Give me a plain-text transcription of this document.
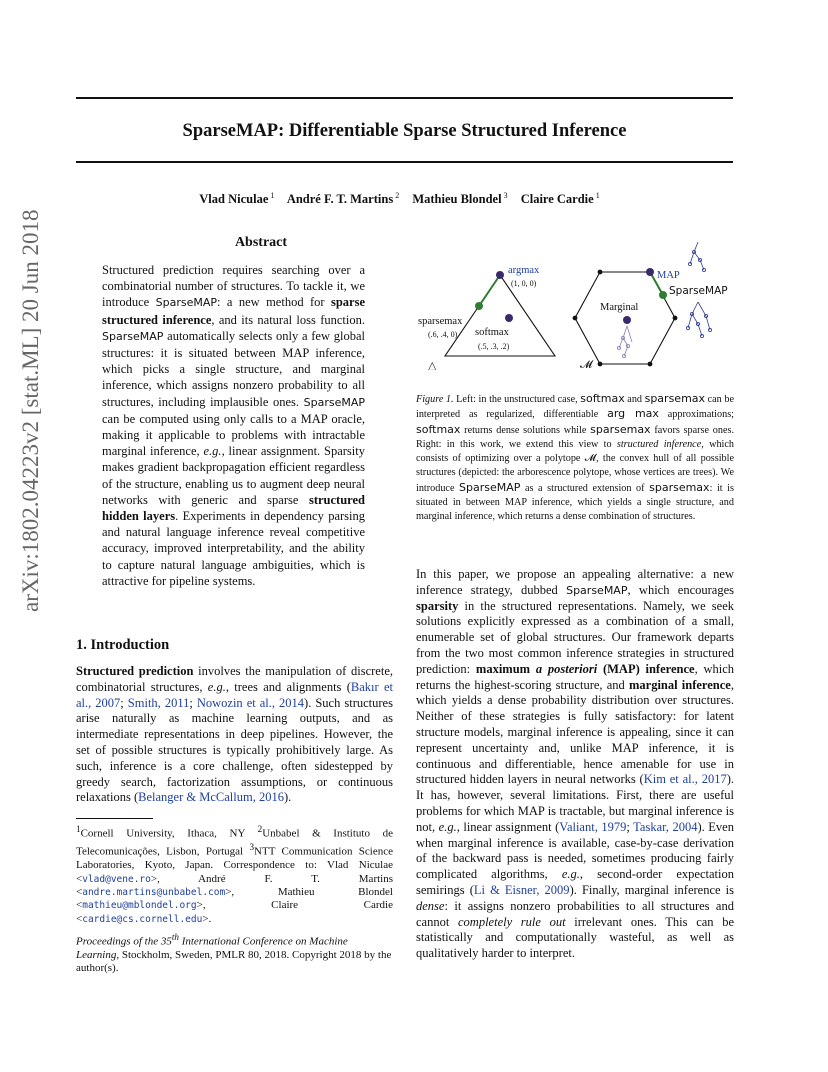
SparseMAP: Differentiable Sparse Structured Inference
Vlad Niculae $^1$ André F. T. Martins $^2$ Mathieu Blondel $^3$ Claire Cardie $^1$
arXiv:1802.04223v2 [stat.ML] 20 Jun 2018	Abstract
Structured prediction requires searching over a combinatorial number of structures. To tackle it, we introduce SparseMAP: a new method for sparse structured inference, and its natural loss function. SparseMAP automatically selects only a few global structures: it is situated between MAP inference, which picks a single structure, and marginal inference, which assigns nonzero probability to all structures, including implausible ones. SparseMAP can be computed using only calls to a MAP oracle, making it applicable to problems with intractable marginal inference, e.g., linear assignment. Sparsity makes gradient backpropagation efficient regardless of the structure, enabling us to augment deep neural networks with generic and sparse structured hidden layers. Experiments in dependency parsing and natural language inference reveal competitive accuracy, improved interpretability, and the ability to capture natural language ambiguities, which is attractive for pipeline systems.
1. Introduction
Structured prediction involves the manipulation of discrete, combinatorial structures, e.g., trees and alignments (Bakır et al., 2007; Smith, 2011; Nowozin et al., 2014). Such structures arise naturally as machine learning outputs, and as intermediate representations in deep pipelines. However, the set of possible structures is typically prohibitively large. As such, inference is a core challenge, often sidestepped by greedy search, factorization assumptions, or continuous relaxations (Belanger & McCallum, 2016).
$^1$Cornell University, Ithaca, NY $^2$Unbabel & Instituto de Telecomunicações, Lisbon, Portugal $^3$NTT Communication Science Laboratories, Kyoto, Japan. Correspondence to: Vlad Niculae <vlad@vene.ro>, André F. T. Martins <andre.martins@unbabel.com>, Mathieu Blondel <mathieu@mblondel.org>, Claire Cardie <cardie@cs.cornell.edu>.
Proceedings of the 35th International Conference on Machine Learning, Stockholm, Sweden, PMLR 80, 2018. Copyright 2018 by the author(s).
argmax
(1, 0, 0)
sparsemax
(.6, .4, 0) softmax
(.5, .3, .2)
△
MAP
SparseMAP
Marginal
𝓜
Figure 1. Left: in the unstructured case, softmax and sparsemax can be interpreted as regularized, differentiable arg max approximations; softmax returns dense solutions while sparsemax favors sparse ones. Right: in this work, we extend this view to structured inference, which consists of optimizing over a polytope 𝓜, the convex hull of all possible structures (depicted: the arborescence polytope, whose vertices are trees). We introduce SparseMAP as a structured extension of sparsemax: it is situated in between MAP inference, which yields a single structure, and marginal inference, which returns a dense combination of structures.
In this paper, we propose an appealing alternative: a new inference strategy, dubbed SparseMAP, which encourages sparsity in the structured representations. Namely, we seek solutions explicitly expressed as a combination of a small, enumerable set of global structures. Our framework departs from the two most common inference strategies in structured prediction: maximum a posteriori (MAP) inference, which returns the highest-scoring structure, and marginal inference, which yields a dense probability distribution over structures. Neither of these strategies is fully satisfactory: for latent structure models, marginal inference is appealing, since it can represent uncertainty and, unlike MAP inference, it is continuous and differentiable, hence amenable for use in structured hidden layers in neural networks (Kim et al., 2017). It has, however, several limitations. First, there are useful problems for which MAP is tractable, but marginal inference is not, e.g., linear assignment (Valiant, 1979; Taskar, 2004). Even when marginal inference is available, case-by-case derivation of the backward pass is needed, sometimes producing fairly complicated algorithms, e.g., second-order expectation semirings (Li & Eisner, 2009). Finally, marginal inference is dense: it assigns nonzero probabilities to all structures and cannot completely rule out irrelevant ones. This can be statistically and computationally wasteful, as well as qualitatively harder to interpret.
